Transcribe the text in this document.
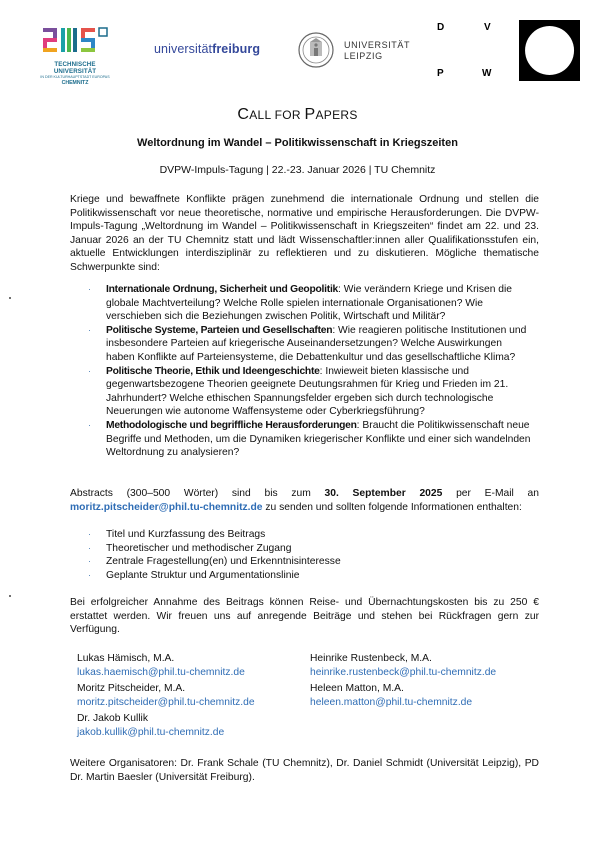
TECHNISCHE UNIVERSITÄT
IN DER KULTURHAUPTSTADT EUROPAS
CHEMNITZ
universitätfreiburg	UNIVERSITÄT
LEIPZIG
D	V
P	W
CALL FOR PAPERS
Weltordnung im Wandel – Politikwissenschaft in Kriegszeiten
DVPW-Impuls-Tagung | 22.-23. Januar 2026 | TU Chemnitz
Kriege und bewaffnete Konflikte prägen zunehmend die internationale Ordnung und stellen die Politikwissenschaft vor neue theoretische, normative und empirische Herausforderungen. Die DVPW-Impuls-Tagung „Weltordnung im Wandel – Politikwissenschaft in Kriegszeiten“ findet am 22. und 23. Januar 2026 an der TU Chemnitz statt und lädt Wissenschaftler:innen aller Qualifikationsstufen ein, aktuelle Entwicklungen interdisziplinär zu reflektieren und zu diskutieren. Mögliche thematische Schwerpunkte sind:
· Internationale Ordnung, Sicherheit und Geopolitik: Wie verändern Kriege und Krisen die globale Machtverteilung? Welche Rolle spielen internationale Organisationen? Wie verschieben sich die Beziehungen zwischen Politik, Wirtschaft und Militär?
· Politische Systeme, Parteien und Gesellschaften: Wie reagieren politische Institutionen und insbesondere Parteien auf kriegerische Auseinandersetzungen? Welche Auswirkungen haben Konflikte auf Parteiensysteme, die Debattenkultur und das gesellschaftliche Klima?
· Politische Theorie, Ethik und Ideengeschichte: Inwieweit bieten klassische und gegenwartsbezogene Theorien geeignete Deutungsrahmen für Krieg und Frieden im 21. Jahrhundert? Welche ethischen Spannungsfelder ergeben sich durch technologische Neuerungen wie autonome Waffensysteme oder Cyberkriegsführung?
· Methodologische und begriffliche Herausforderungen: Braucht die Politikwissenschaft neue Begriffe und Methoden, um die Dynamiken kriegerischer Konflikte und einer sich wandelnden Weltordnung zu analysieren?
Abstracts (300–500 Wörter) sind bis zum 30. September 2025 per E-Mail an moritz.pitscheider@phil.tu-chemnitz.de zu senden und sollten folgende Informationen enthalten:
· Titel und Kurzfassung des Beitrags
· Theoretischer und methodischer Zugang
· Zentrale Fragestellung(en) und Erkenntnisinteresse
· Geplante Struktur und Argumentationslinie
Bei erfolgreicher Annahme des Beitrags können Reise- und Übernachtungskosten bis zu 250 € erstattet werden. Wir freuen uns auf anregende Beiträge und stehen bei Rückfragen gern zur Verfügung.
Lukas Hämisch, M.A.
lukas.haemisch@phil.tu-chemnitz.de
Moritz Pitscheider, M.A.
moritz.pitscheider@phil.tu-chemnitz.de
Dr. Jakob Kullik
jakob.kullik@phil.tu-chemnitz.de
Heinrike Rustenbeck, M.A.
heinrike.rustenbeck@phil.tu-chemnitz.de
Heleen Matton, M.A.
heleen.matton@phil.tu-chemnitz.de
Weitere Organisatoren: Dr. Frank Schale (TU Chemnitz), Dr. Daniel Schmidt (Universität Leipzig), PD Dr. Martin Baesler (Universität Freiburg).
